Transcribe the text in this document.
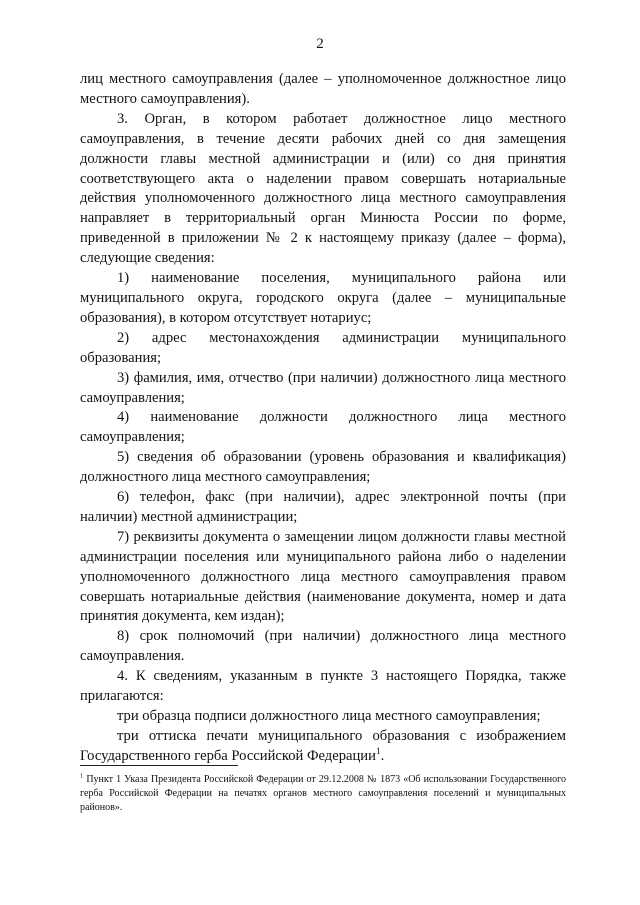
2

лиц местного самоуправления (далее – уполномоченное должностное лицо местного самоуправления).

3. Орган, в котором работает должностное лицо местного самоуправления, в течение десяти рабочих дней со дня замещения должности главы местной администрации и (или) со дня принятия соответствующего акта о наделении правом совершать нотариальные действия уполномоченного должностного лица местного самоуправления направляет в территориальный орган Минюста России по форме, приведенной в приложении № 2 к настоящему приказу (далее – форма), следующие сведения:

1) наименование поселения, муниципального района или муниципального округа, городского округа (далее – муниципальные образования), в котором отсутствует нотариус;

2) адрес местонахождения администрации муниципального образования;

3) фамилия, имя, отчество (при наличии) должностного лица местного самоуправления;

4) наименование должности должностного лица местного самоуправления;

5) сведения об образовании (уровень образования и квалификация) должностного лица местного самоуправления;

6) телефон, факс (при наличии), адрес электронной почты (при наличии) местной администрации;

7) реквизиты документа о замещении лицом должности главы местной администрации поселения или муниципального района либо о наделении уполномоченного должностного лица местного самоуправления правом совершать нотариальные действия (наименование документа, номер и дата принятия документа, кем издан);

8) срок полномочий (при наличии) должностного лица местного самоуправления.

4. К сведениям, указанным в пункте 3 настоящего Порядка, также прилагаются:

три образца подписи должностного лица местного самоуправления;

три оттиска печати муниципального образования с изображением Государственного герба Российской Федерации$^1$.

$^1$ Пункт 1 Указа Президента Российской Федерации от 29.12.2008 № 1873 «Об использовании Государственного герба Российской Федерации на печатях органов местного самоуправления поселений и муниципальных районов».
